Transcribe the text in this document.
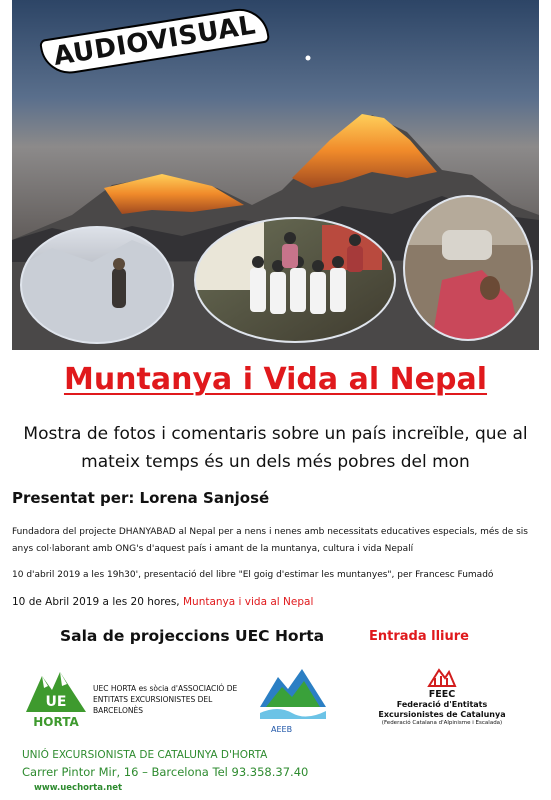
AUDIOVISUAL
Muntanya i Vida al Nepal
Mostra de fotos i comentaris sobre un país increïble, que al mateix temps és un dels més pobres del mon
Presentat per: Lorena Sanjosé
Fundadora del projecte DHANYABAD al Nepal per a nens i nenes amb necessitats educatives especials, més de sis anys col·laborant amb ONG's d'aquest país i amant de la muntanya, cultura i vida Nepalí
10 d'abril 2019 a les 19h30', presentació del libre "El goig d'estimar les muntanyes", per Francesc Fumadó
10 de Abril 2019 a les 20 hores, Muntanya i vida al Nepal
Sala de projeccions UEC Horta	Entrada lliure
UE
HORTA
UEC HORTA es sòcia d'ASSOCIACIÓ DE ENTITATS EXCURSIONISTES DEL BARCELONÈS
AEEB
FEEC
Federació d'Entitats Excursionistes de Catalunya
(Federació Catalana d'Alpinisme i Escalada)
UNIÓ EXCURSIONISTA DE CATALUNYA D'HORTA
Carrer Pintor Mir, 16 – Barcelona Tel 93.358.37.40
www.uechorta.net
